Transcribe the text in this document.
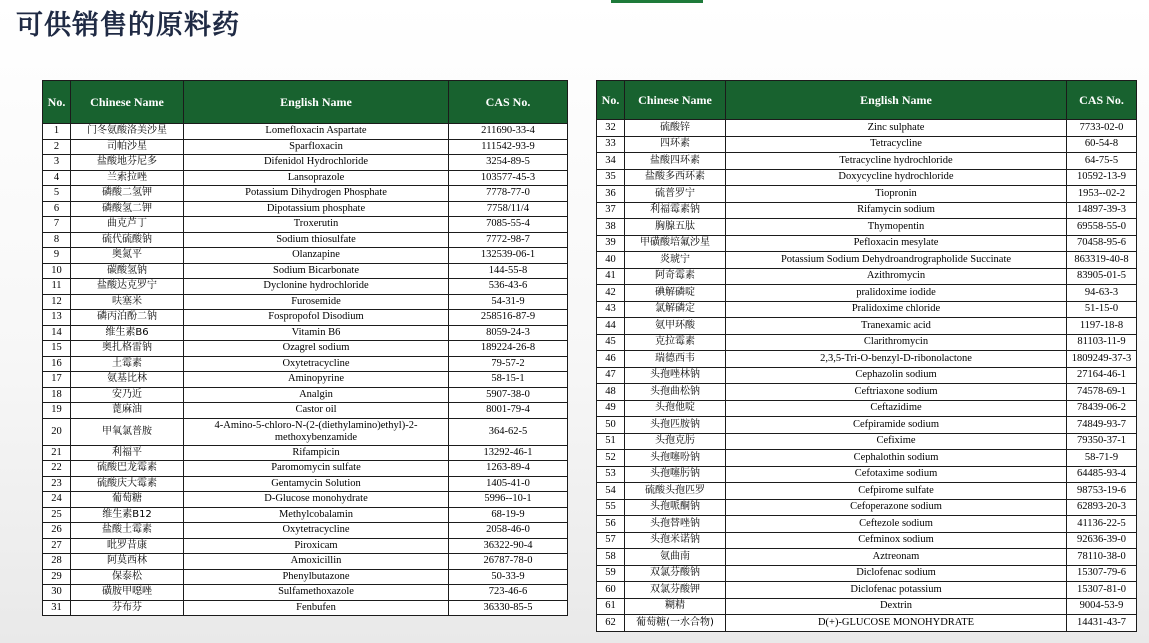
可供销售的原料药
No.	Chinese Name	English Name	CAS No.
1	门冬氨酸洛美沙星	Lomefloxacin Aspartate	211690-33-4
2	司帕沙星	Sparfloxacin	111542-93-9
3	盐酸地芬尼多	Difenidol Hydrochloride	3254-89-5
4	兰索拉唑	Lansoprazole	103577-45-3
5	磷酸二氢钾	Potassium Dihydrogen Phosphate	7778-77-0
6	磷酸氢二钾	Dipotassium phosphate	7758/11/4
7	曲克芦丁	Troxerutin	7085-55-4
8	硫代硫酸钠	Sodium thiosulfate	7772-98-7
9	奥氮平	Olanzapine	132539-06-1
10	碳酸氢钠	Sodium Bicarbonate	144-55-8
11	盐酸达克罗宁	Dyclonine hydrochloride	536-43-6
12	呋塞米	Furosemide	54-31-9
13	磷丙泊酚二钠	Fospropofol Disodium	258516-87-9
14	维生素B6	Vitamin B6	8059-24-3
15	奥扎格雷钠	Ozagrel sodium	189224-26-8
16	土霉素	Oxytetracycline	79-57-2
17	氨基比林	Aminopyrine	58-15-1
18	安乃近	Analgin	5907-38-0
19	蓖麻油	Castor oil	8001-79-4
20	甲氧氯普胺	4-Amino-5-chloro-N-(2-(diethylamino)ethyl)-2-methoxybenzamide	364-62-5
21	利福平	Rifampicin	13292-46-1
22	硫酸巴龙霉素	Paromomycin sulfate	1263-89-4
23	硫酸庆大霉素	Gentamycin Solution	1405-41-0
24	葡萄糖	D-Glucose monohydrate	5996--10-1
25	维生素B12	Methylcobalamin	68-19-9
26	盐酸土霉素	Oxytetracycline	2058-46-0
27	吡罗昔康	Piroxicam	36322-90-4
28	阿莫西林	Amoxicillin	26787-78-0
29	保泰松	Phenylbutazone	50-33-9
30	磺胺甲噁唑	Sulfamethoxazole	723-46-6
31	芬布芬	Fenbufen	36330-85-5
No.	Chinese Name	English Name	CAS No.
32	硫酸锌	Zinc sulphate	7733-02-0
33	四环素	Tetracycline	60-54-8
34	盐酸四环素	Tetracycline hydrochloride	64-75-5
35	盐酸多西环素	Doxycycline hydrochloride	10592-13-9
36	硫普罗宁	Tiopronin	1953--02-2
37	利福霉素钠	Rifamycin sodium	14897-39-3
38	胸腺五肽	Thymopentin	69558-55-0
39	甲磺酸培氟沙星	Pefloxacin mesylate	70458-95-6
40	炎琥宁	Potassium Sodium Dehydroandrographolide Succinate	863319-40-8
41	阿奇霉素	Azithromycin	83905-01-5
42	碘解磷啶	pralidoxime iodide	94-63-3
43	氯解磷定	Pralidoxime chloride	51-15-0
44	氨甲环酸	Tranexamic acid	1197-18-8
45	克拉霉素	Clarithromycin	81103-11-9
46	瑞德西韦	2,3,5-Tri-O-benzyl-D-ribonolactone	1809249-37-3
47	头孢唑林钠	Cephazolin sodium	27164-46-1
48	头孢曲松钠	Ceftriaxone sodium	74578-69-1
49	头孢他啶	Ceftazidime	78439-06-2
50	头孢匹胺钠	Cefpiramide sodium	74849-93-7
51	头孢克肟	Cefixime	79350-37-1
52	头孢噻吩钠	Cephalothin sodium	58-71-9
53	头孢噻肟钠	Cefotaxime sodium	64485-93-4
54	硫酸头孢匹罗	Cefpirome sulfate	98753-19-6
55	头孢哌酮钠	Cefoperazone sodium	62893-20-3
56	头孢替唑钠	Ceftezole sodium	41136-22-5
57	头孢米诺钠	Cefminox sodium	92636-39-0
58	氨曲南	Aztreonam	78110-38-0
59	双氯芬酸钠	Diclofenac sodium	15307-79-6
60	双氯芬酸钾	Diclofenac potassium	15307-81-0
61	糊精	Dextrin	9004-53-9
62	葡萄糖(一水合物)	D(+)-GLUCOSE MONOHYDRATE	14431-43-7
